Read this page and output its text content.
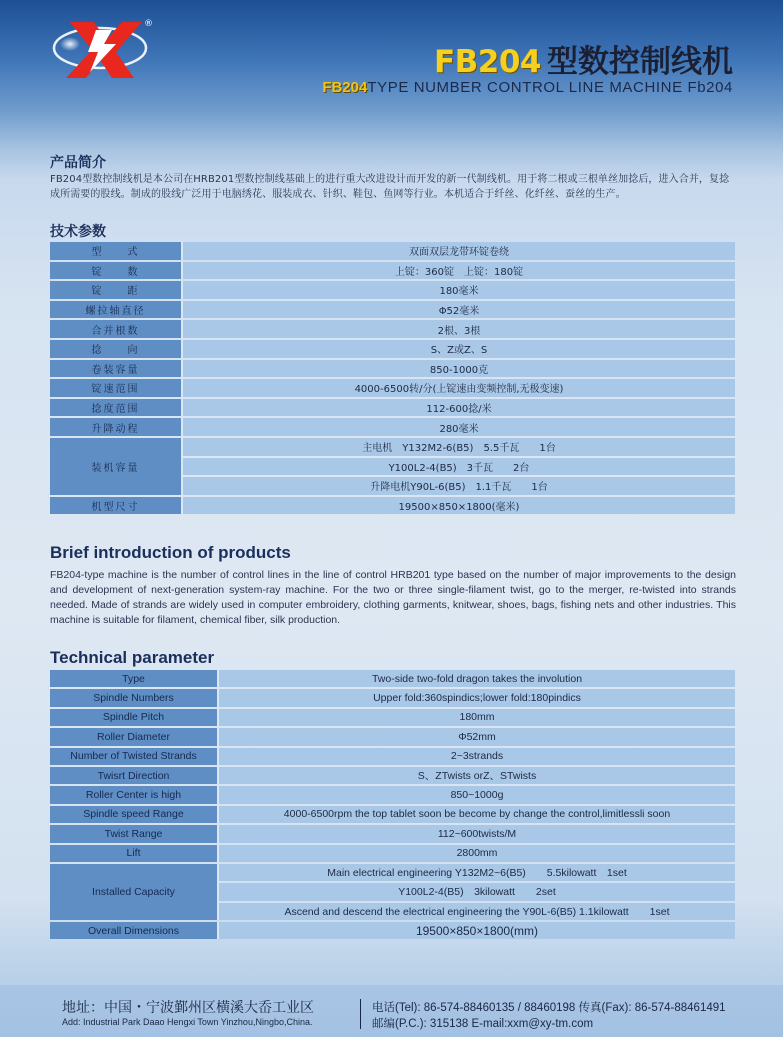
®
FB204 型数控制线机
FB204TYPE NUMBER CONTROL LINE MACHINE Fb204
产品简介
FB204型数控制线机是本公司在HRB201型数控制线基础上的进行重大改进设计而开发的新一代制线机。用于将二根或三根单丝加捻后，进入合并，复捻成所需要的股线。制成的股线广泛用于电脑绣花、服装成衣、针织、鞋包、鱼网等行业。本机适合于纤丝、化纤丝、蚕丝的生产。
技术参数
型　　式	双面双层龙带环锭卷绕
锭　　数	上锭：360锭　上锭：180锭
锭　　距	180毫米
螺拉轴直径	Φ52毫米
合并根数	2根、3根
捻　　向	S、Z或Z、S
卷装容量	850-1000克
锭速范围	4000-6500转/分(上锭速由变频控制,无极变速)
捻度范围	112-600捻/米
升降动程	280毫米
装机容量	主电机　Y132M2-6(B5)　5.5千瓦　　1台
	Y100L2-4(B5)　3千瓦　　2台
	升降电机Y90L-6(B5)　1.1千瓦　　1台
机型尺寸	19500×850×1800(毫米)
Brief introduction of products
FB204-type machine is the number of control lines in the line of control HRB201 type based on the number of major improvements to the design and development of next-generation system-ray machine. For the two or three single-filament twist, go to the merger, re-twisted into strands needed. Made of strands are widely used in computer embroidery, clothing garments, knitwear, shoes, bags, fishing nets and other industries. This machine is suitable for filament, chemical fiber, silk production.
Technical parameter
Type	Two-side two-fold dragon takes the involution
Spindle Numbers	Upper fold:360spindics;lower fold:180pindics
Spindle Pitch	180mm
Roller Diameter	Φ52mm
Number of Twisted Strands	2~3strands
Twisrt Direction	S、ZTwists orZ、STwists
Roller Center is high	850~1000g
Spindle speed Range	4000-6500rpm the top tablet soon be become by change the control,limitlessli soon
Twist Range	112~600twists/M
Lift	2800mm
Installed Capacity	Main electrical engineering Y132M2~6(B5)　　5.5kilowatt　1set
	Y100L2-4(B5)　3kilowatt　　2set
	Ascend and descend the electrical engineering the Y90L-6(B5) 1.1kilowatt　　1set
Overall Dimensions	19500×850×1800(mm)
地址：中国・宁波鄞州区横溪大岙工业区
Add: Industrial Park Daao Hengxi Town Yinzhou,Ningbo,China.
电话(Tel): 86-574-88460135 / 88460198 传真(Fax): 86-574-88461491
邮编(P.C.): 315138 E-mail:xxm@xy-tm.com
